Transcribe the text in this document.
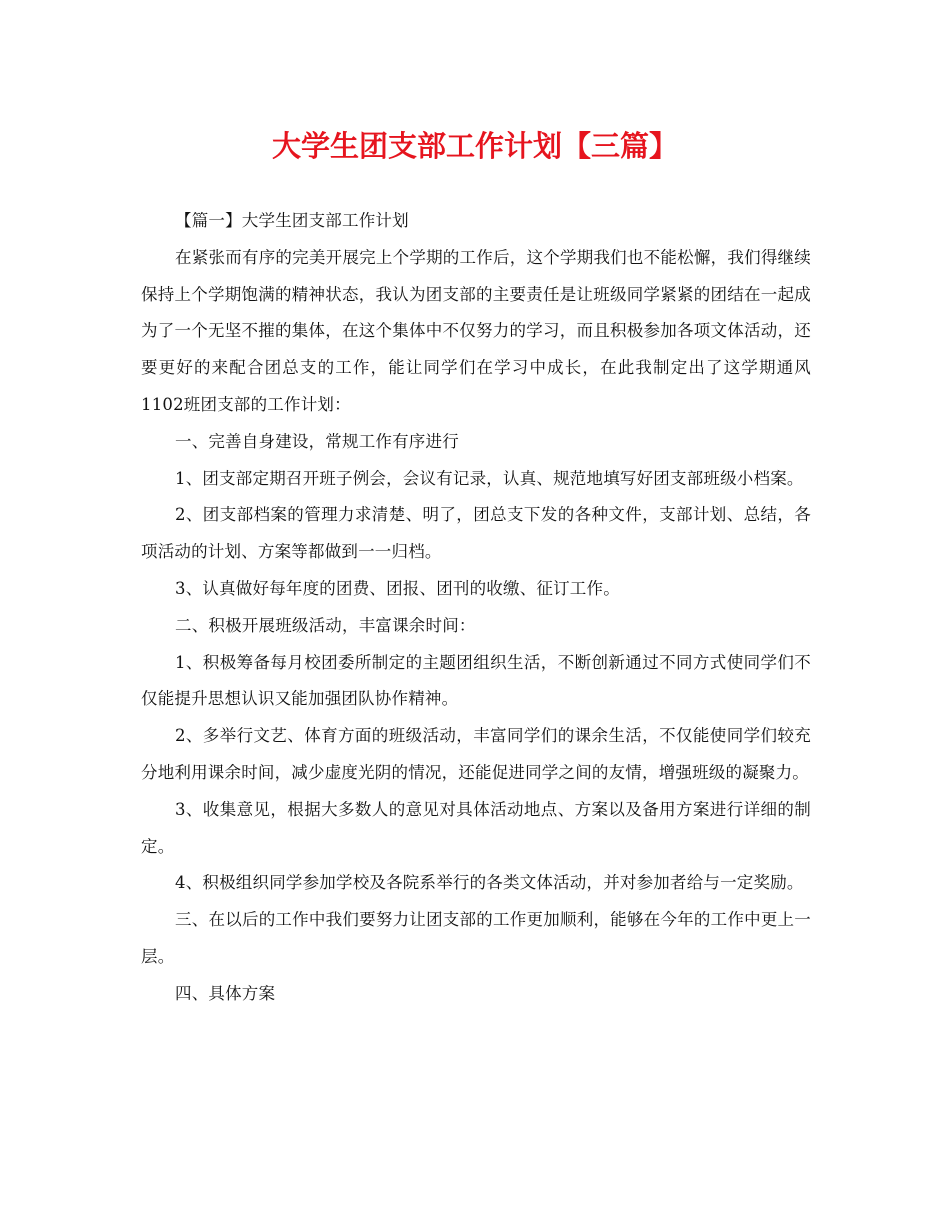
大学生团支部工作计划【三篇】

【篇一】大学生团支部工作计划

在紧张而有序的完美开展完上个学期的工作后，这个学期我们也不能松懈，我们得继续保持上个学期饱满的精神状态，我认为团支部的主要责任是让班级同学紧紧的团结在一起成为了一个无坚不摧的集体，在这个集体中不仅努力的学习，而且积极参加各项文体活动，还要更好的来配合团总支的工作，能让同学们在学习中成长，在此我制定出了这学期通风1102班团支部的工作计划：

一、完善自身建设，常规工作有序进行

1、团支部定期召开班子例会，会议有记录，认真、规范地填写好团支部班级小档案。

2、团支部档案的管理力求清楚、明了，团总支下发的各种文件，支部计划、总结，各项活动的计划、方案等都做到一一归档。

3、认真做好每年度的团费、团报、团刊的收缴、征订工作。

二、积极开展班级活动，丰富课余时间：

1、积极筹备每月校团委所制定的主题团组织生活，不断创新通过不同方式使同学们不仅能提升思想认识又能加强团队协作精神。

2、多举行文艺、体育方面的班级活动，丰富同学们的课余生活，不仅能使同学们较充分地利用课余时间，减少虚度光阴的情况，还能促进同学之间的友情，增强班级的凝聚力。

3、收集意见，根据大多数人的意见对具体活动地点、方案以及备用方案进行详细的制定。

4、积极组织同学参加学校及各院系举行的各类文体活动，并对参加者给与一定奖励。

三、在以后的工作中我们要努力让团支部的工作更加顺利，能够在今年的工作中更上一层。

四、具体方案
